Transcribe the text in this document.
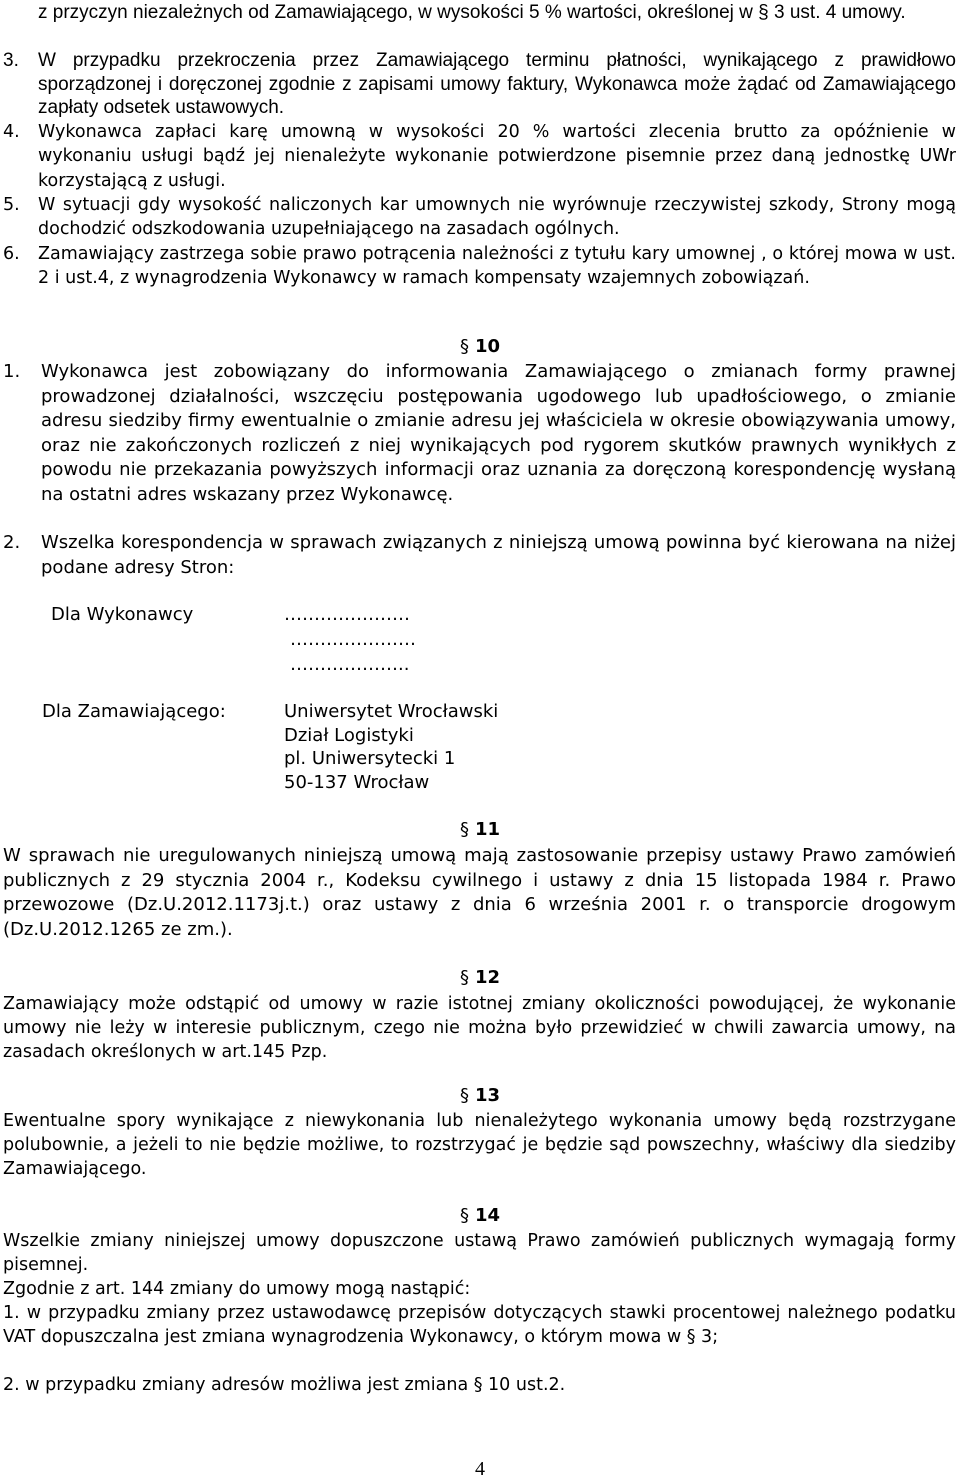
z przyczyn niezależnych od Zamawiającego, w wysokości 5 % wartości, określonej w § 3 ust. 4 umowy.
3.	W przypadku przekroczenia przez Zamawiającego terminu płatności, wynikającego z prawidłowo sporządzonej i doręczonej zgodnie z zapisami umowy faktury, Wykonawca może żądać od Zamawiającego zapłaty odsetek ustawowych.
4.	Wykonawca zapłaci karę umowną w wysokości 20 % wartości zlecenia brutto za opóźnienie w wykonaniu usługi bądź jej nienależyte wykonanie potwierdzone pisemnie przez daną jednostkę UWr korzystającą z usługi.
5.	W sytuacji gdy wysokość naliczonych kar umownych nie wyrównuje rzeczywistej szkody, Strony mogą dochodzić odszkodowania uzupełniającego na zasadach ogólnych.
6.	Zamawiający zastrzega sobie prawo potrącenia należności z tytułu kary umownej , o której mowa w ust. 2 i ust.4, z wynagrodzenia Wykonawcy w ramach kompensaty wzajemnych zobowiązań.
§ 10
1.	Wykonawca jest zobowiązany do informowania Zamawiającego o zmianach formy prawnej prowadzonej działalności, wszczęciu postępowania ugodowego lub upadłościowego, o zmianie adresu siedziby firmy ewentualnie o zmianie adresu jej właściciela w okresie obowiązywania umowy, oraz nie zakończonych rozliczeń z niej wynikających pod rygorem skutków prawnych wynikłych z powodu nie przekazania powyższych informacji oraz uznania za doręczoną korespondencję wysłaną na ostatni adres wskazany przez Wykonawcę.
2.	Wszelka korespondencja w sprawach związanych z niniejszą umową powinna być kierowana na niżej podane adresy Stron:
Dla Wykonawcy	…………………
…………………
………………..
Dla Zamawiającego:	Uniwersytet Wrocławski
Dział Logistyki
pl. Uniwersytecki 1
50-137 Wrocław
§ 11
W sprawach nie uregulowanych niniejszą umową mają zastosowanie przepisy ustawy Prawo zamówień publicznych z 29 stycznia 2004 r., Kodeksu cywilnego i ustawy z dnia 15 listopada 1984 r. Prawo przewozowe (Dz.U.2012.1173j.t.) oraz ustawy z dnia 6 września 2001 r. o transporcie drogowym (Dz.U.2012.1265 ze zm.).
§ 12
Zamawiający może odstąpić od umowy w razie istotnej zmiany okoliczności powodującej, że wykonanie umowy nie leży w interesie publicznym, czego nie można było przewidzieć w chwili zawarcia umowy, na zasadach określonych w art.145 Pzp.
§ 13
Ewentualne spory wynikające z niewykonania lub nienależytego wykonania umowy będą rozstrzygane polubownie, a jeżeli to nie będzie możliwe, to rozstrzygać je będzie sąd powszechny, właściwy dla siedziby Zamawiającego.
§ 14
Wszelkie zmiany niniejszej umowy dopuszczone ustawą Prawo zamówień publicznych wymagają formy pisemnej.
Zgodnie z art. 144 zmiany do umowy mogą nastąpić:
1. w przypadku zmiany przez ustawodawcę przepisów dotyczących stawki procentowej należnego podatku VAT dopuszczalna jest zmiana wynagrodzenia Wykonawcy, o którym mowa w § 3;
2. w przypadku zmiany adresów możliwa jest zmiana § 10 ust.2.
4
